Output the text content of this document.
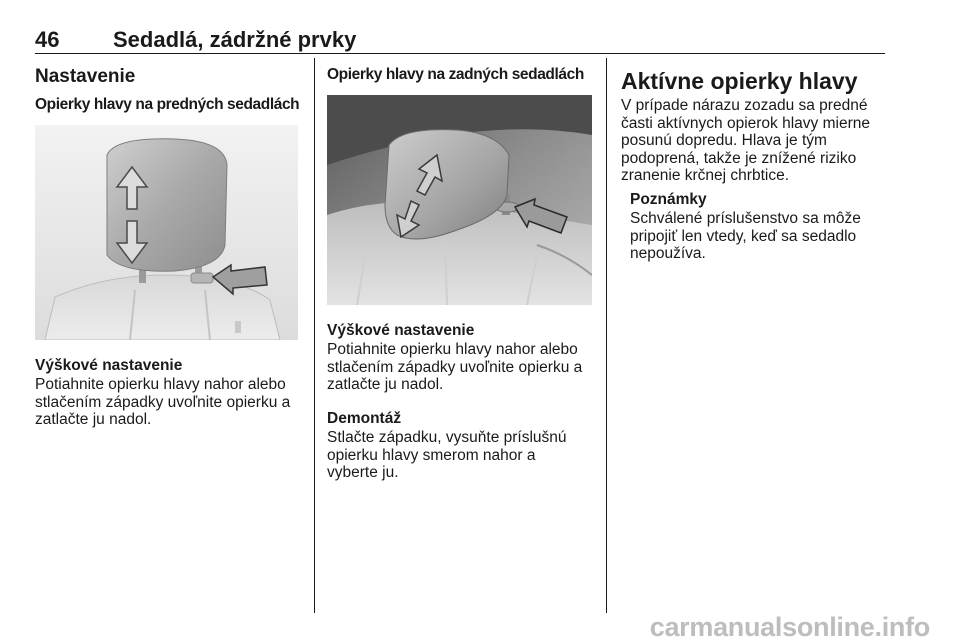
46 Sedadlá, zádržné prvky
Nastavenie
Opierky hlavy na predných sedadlách
Výškové nastavenie
Potiahnite opierku hlavy nahor alebo
stlačením západky uvoľnite opierku a
zatlačte ju nadol.
Opierky hlavy na zadných sedadlách
Výškové nastavenie
Potiahnite opierku hlavy nahor alebo
stlačením západky uvoľnite opierku a
zatlačte ju nadol.
Demontáž
Stlačte západku, vysuňte príslušnú
opierku hlavy smerom nahor a
vyberte ju.
Aktívne opierky hlavy
V prípade nárazu zozadu sa predné
časti aktívnych opierok hlavy mierne
posunú dopredu. Hlava je tým
podoprená, takže je znížené riziko
zranenie krčnej chrbtice.
Poznámky
Schválené príslušenstvo sa môže
pripojiť len vtedy, keď sa sedadlo
nepoužíva.
carmanualsonline.info
